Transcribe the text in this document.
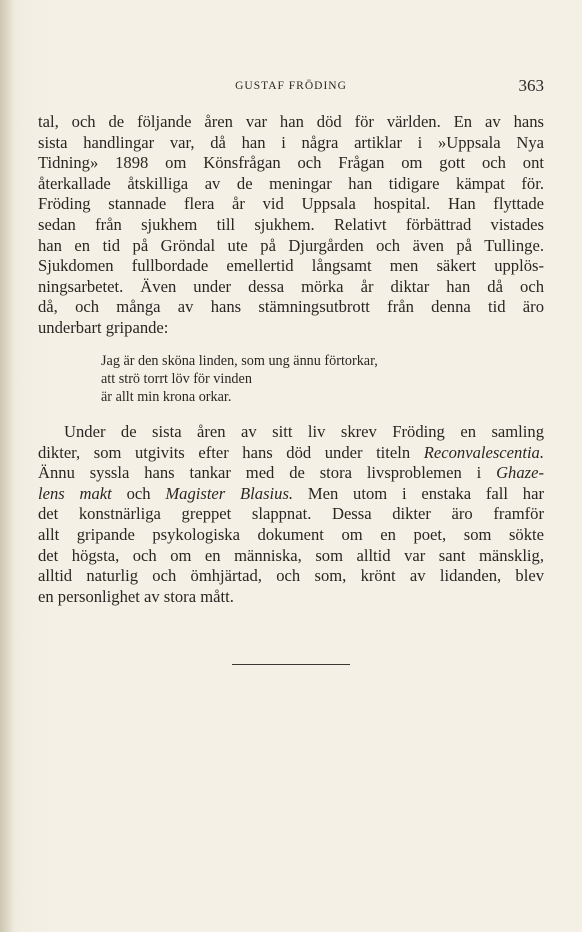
GUSTAF FRÖDING	363
tal, och de följande åren var han död för världen. En av hans
sista handlingar var, då han i några artiklar i »Uppsala Nya
Tidning» 1898 om Könsfrågan och Frågan om gott och ont
återkallade åtskilliga av de meningar han tidigare kämpat för.
Fröding stannade flera år vid Uppsala hospital. Han flyttade
sedan från sjukhem till sjukhem. Relativt förbättrad vistades
han en tid på Gröndal ute på Djurgården och även på Tullinge.
Sjukdomen fullbordade emellertid långsamt men säkert upplös-
ningsarbetet. Även under dessa mörka år diktar han då och
då, och många av hans stämningsutbrott från denna tid äro
underbart gripande:
Jag är den sköna linden, som ung ännu förtorkar,
att strö torrt löv för vinden
är allt min krona orkar.
Under de sista åren av sitt liv skrev Fröding en samling
dikter, som utgivits efter hans död under titeln Reconvalescentia.
Ännu syssla hans tankar med de stora livsproblemen i Ghaze-
lens makt och Magister Blasius. Men utom i enstaka fall har
det konstnärliga greppet slappnat. Dessa dikter äro framför
allt gripande psykologiska dokument om en poet, som sökte
det högsta, och om en människa, som alltid var sant mänsklig,
alltid naturlig och ömhjärtad, och som, krönt av lidanden, blev
en personlighet av stora mått.
